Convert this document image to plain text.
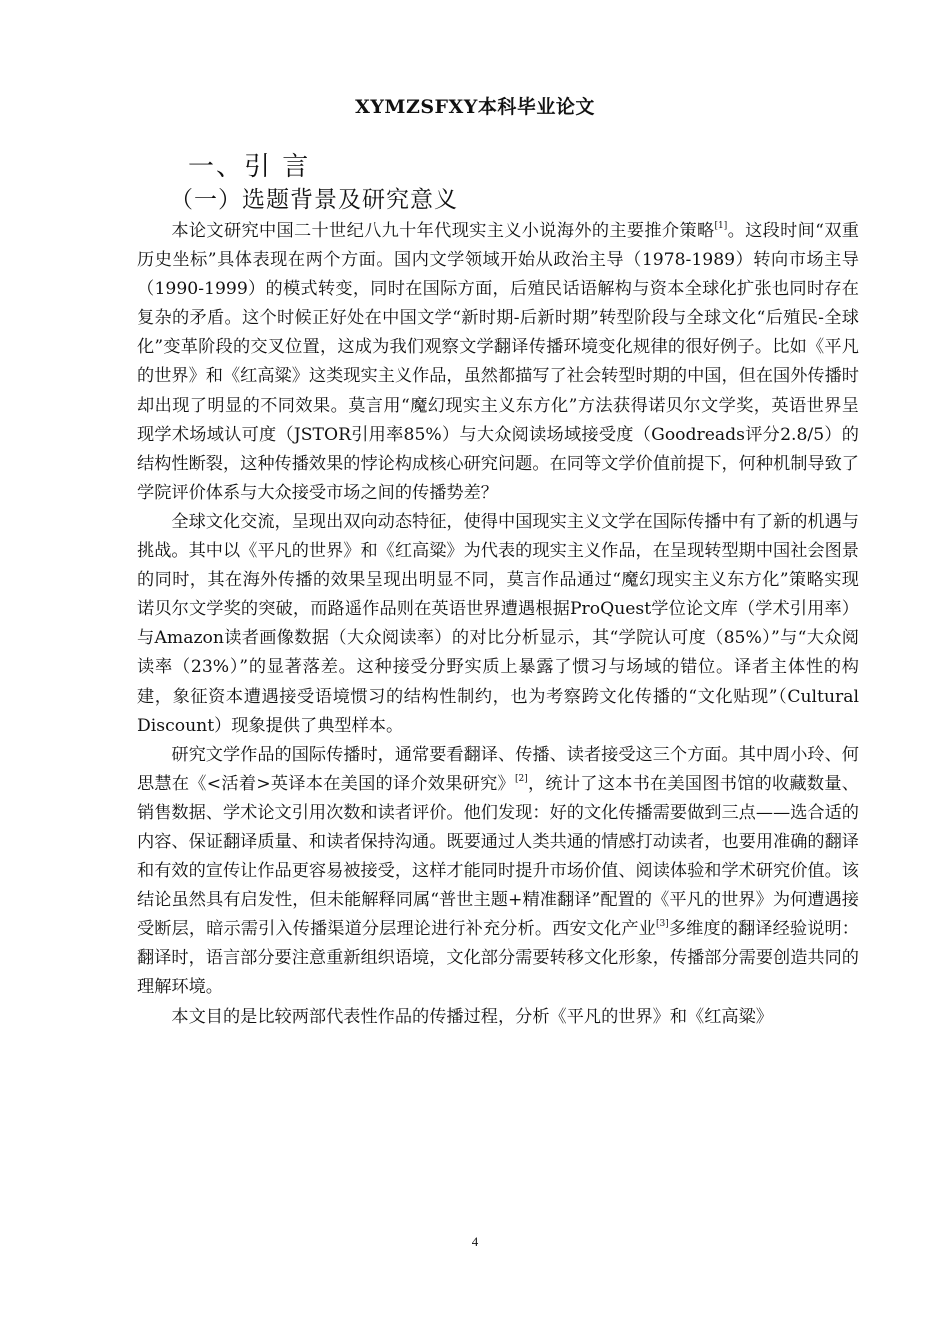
XYMZSFXY本科毕业论文
一、引 言
（一）选题背景及研究意义

本论文研究中国二十世纪八九十年代现实主义小说海外的主要推介策略[1]。这段时间“双重历史坐标”具体表现在两个方面。国内文学领域开始从政治主导（1978-1989）转向市场主导（1990-1999）的模式转变，同时在国际方面，后殖民话语解构与资本全球化扩张也同时存在复杂的矛盾。这个时候正好处在中国文学“新时期-后新时期”转型阶段与全球文化“后殖民-全球化”变革阶段的交叉位置，这成为我们观察文学翻译传播环境变化规律的很好例子。比如《平凡的世界》和《红高粱》这类现实主义作品，虽然都描写了社会转型时期的中国，但在国外传播时却出现了明显的不同效果。莫言用“魔幻现实主义东方化”方法获得诺贝尔文学奖，英语世界呈现学术场域认可度（JSTOR引用率85%）与大众阅读场域接受度（Goodreads评分2.8/5）的结构性断裂，这种传播效果的悖论构成核心研究问题。在同等文学价值前提下，何种机制导致了学院评价体系与大众接受市场之间的传播势差？

全球文化交流，呈现出双向动态特征，使得中国现实主义文学在国际传播中有了新的机遇与挑战。其中以《平凡的世界》和《红高粱》为代表的现实主义作品，在呈现转型期中国社会图景的同时，其在海外传播的效果呈现出明显不同，莫言作品通过“魔幻现实主义东方化”策略实现诺贝尔文学奖的突破，而路遥作品则在英语世界遭遇根据ProQuest学位论文库（学术引用率）与Amazon读者画像数据（大众阅读率）的对比分析显示，其“学院认可度（85%）”与“大众阅读率（23%）”的显著落差。这种接受分野实质上暴露了惯习与场域的错位。译者主体性的构建，象征资本遭遇接受语境惯习的结构性制约，也为考察跨文化传播的“文化贴现”（Cultural Discount）现象提供了典型样本。

研究文学作品的国际传播时，通常要看翻译、传播、读者接受这三个方面。其中周小玲、何思慧在《<活着>英译本在美国的译介效果研究》[2]，统计了这本书在美国图书馆的收藏数量、销售数据、学术论文引用次数和读者评价。他们发现：好的文化传播需要做到三点——选合适的内容、保证翻译质量、和读者保持沟通。既要通过人类共通的情感打动读者，也要用准确的翻译和有效的宣传让作品更容易被接受，这样才能同时提升市场价值、阅读体验和学术研究价值。该结论虽然具有启发性，但未能解释同属“普世主题+精准翻译”配置的《平凡的世界》为何遭遇接受断层，暗示需引入传播渠道分层理论进行补充分析。西安文化产业[3]多维度的翻译经验说明：翻译时，语言部分要注意重新组织语境，文化部分需要转移文化形象，传播部分需要创造共同的理解环境。

本文目的是比较两部代表性作品的传播过程，分析《平凡的世界》和《红高粱》

4
